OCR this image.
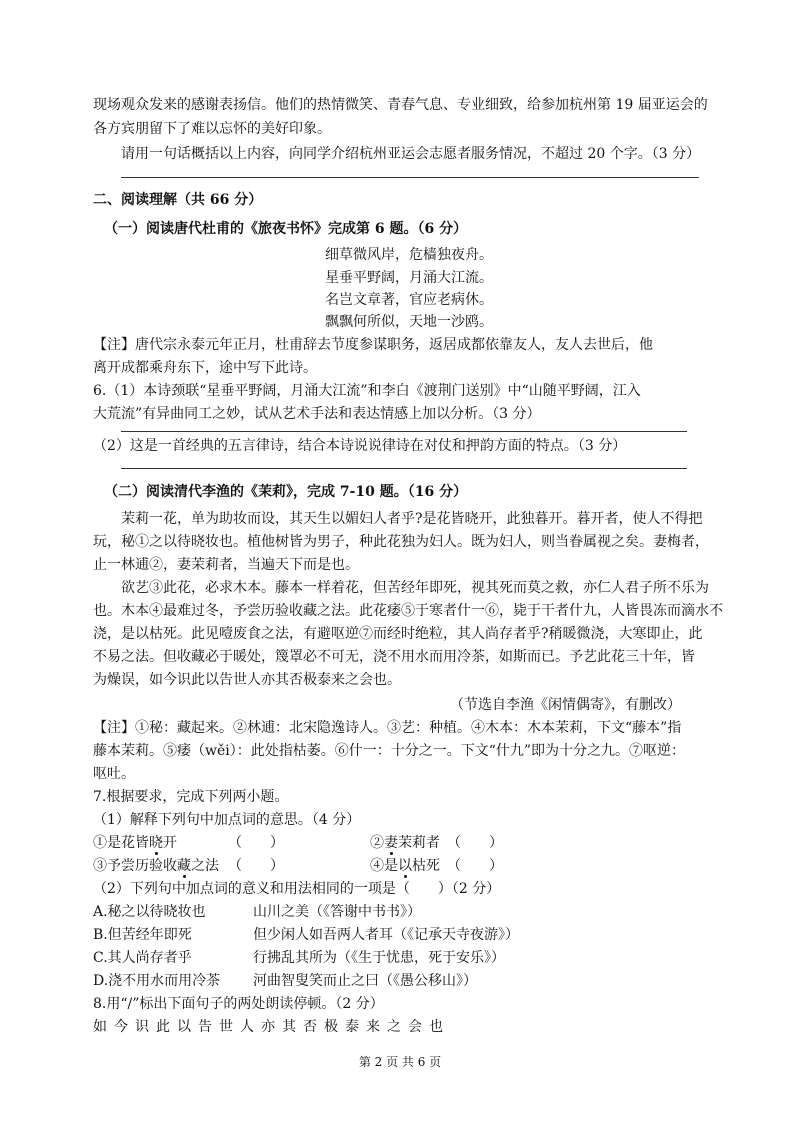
现场观众发来的感谢表扬信。他们的热情微笑、青春气息、专业细致，给参加杭州第 19 届亚运会的
各方宾朋留下了难以忘怀的美好印象。
请用一句话概括以上内容，向同学介绍杭州亚运会志愿者服务情况，不超过 20 个字。（3 分）
二、阅读理解（共 66 分）
（一）阅读唐代杜甫的《旅夜书怀》完成第 6 题。（6 分）
细草微风岸，危樯独夜舟。
星垂平野阔，月涌大江流。
名岂文章著，官应老病休。
飘飘何所似，天地一沙鸥。
【注】唐代宗永泰元年正月，杜甫辞去节度参谋职务，返居成都依靠友人，友人去世后，他
离开成都乘舟东下，途中写下此诗。
6.（1）本诗颈联“星垂平野阔，月涌大江流”和李白《渡荆门送别》中“山随平野阔，江入
大荒流”有异曲同工之妙，试从艺术手法和表达情感上加以分析。（3 分）
（2）这是一首经典的五言律诗，结合本诗说说律诗在对仗和押韵方面的特点。（3 分）
（二）阅读清代李渔的《茉莉》，完成 7-10 题。（16 分）
茉莉一花，单为助妆而设，其天生以媚妇人者乎?是花皆晓开，此独暮开。暮开者，使人不得把
玩，秘①之以待晓妆也。植他树皆为男子，种此花独为妇人。既为妇人，则当眷属视之矣。妻梅者，
止一林逋②，妻茉莉者，当遍天下而是也。
欲艺③此花，必求木本。藤本一样着花，但苦经年即死，视其死而莫之救，亦仁人君子所不乐为
也。木本④最难过冬，予尝历验收藏之法。此花痿⑤于寒者什一⑥，毙于干者什九，人皆畏冻而滴水不
浇，是以枯死。此见噎废食之法，有避呕逆⑦而经时绝粒，其人尚存者乎?稍暖微浇，大寒即止，此
不易之法。但收藏必于暖处，篾罩必不可无，浇不用水而用冷茶，如斯而已。予艺此花三十年，皆
为燥误，如今识此以告世人亦其否极泰来之会也。
（节选自李渔《闲情偶寄》，有删改）
【注】①秘：藏起来。②林逋：北宋隐逸诗人。③艺：种植。④木本：木本茉莉，下文“藤本”指
藤本茉莉。⑤痿（wěi）：此处指枯萎。⑥什一：十分之一。下文“什九”即为十分之九。⑦呕逆：
呕吐。
7.根据要求，完成下列两小题。
（1）解释下列句中加点词的意思。（4 分）
①是花皆晓开	（　　）	②妻茉莉者 （　　）
③予尝历验收藏之法 （　　）	④是以枯死 （　　）
（2）下列句中加点词的意义和用法相同的一项是（　　）（2 分）
A.秘之以待晓妆也	山川之美（《答谢中书书》）
B.但苦经年即死	但少闲人如吾两人者耳（《记承天寺夜游》）
C.其人尚存者乎	行拂乱其所为（《生于忧患，死于安乐》）
D.浇不用水而用冷茶 河曲智叟笑而止之曰（《愚公移山》）
8.用“/”标出下面句子的两处朗读停顿。（2 分）
如今识此以告世人亦其否极泰来之会也
第 2 页 共 6 页
